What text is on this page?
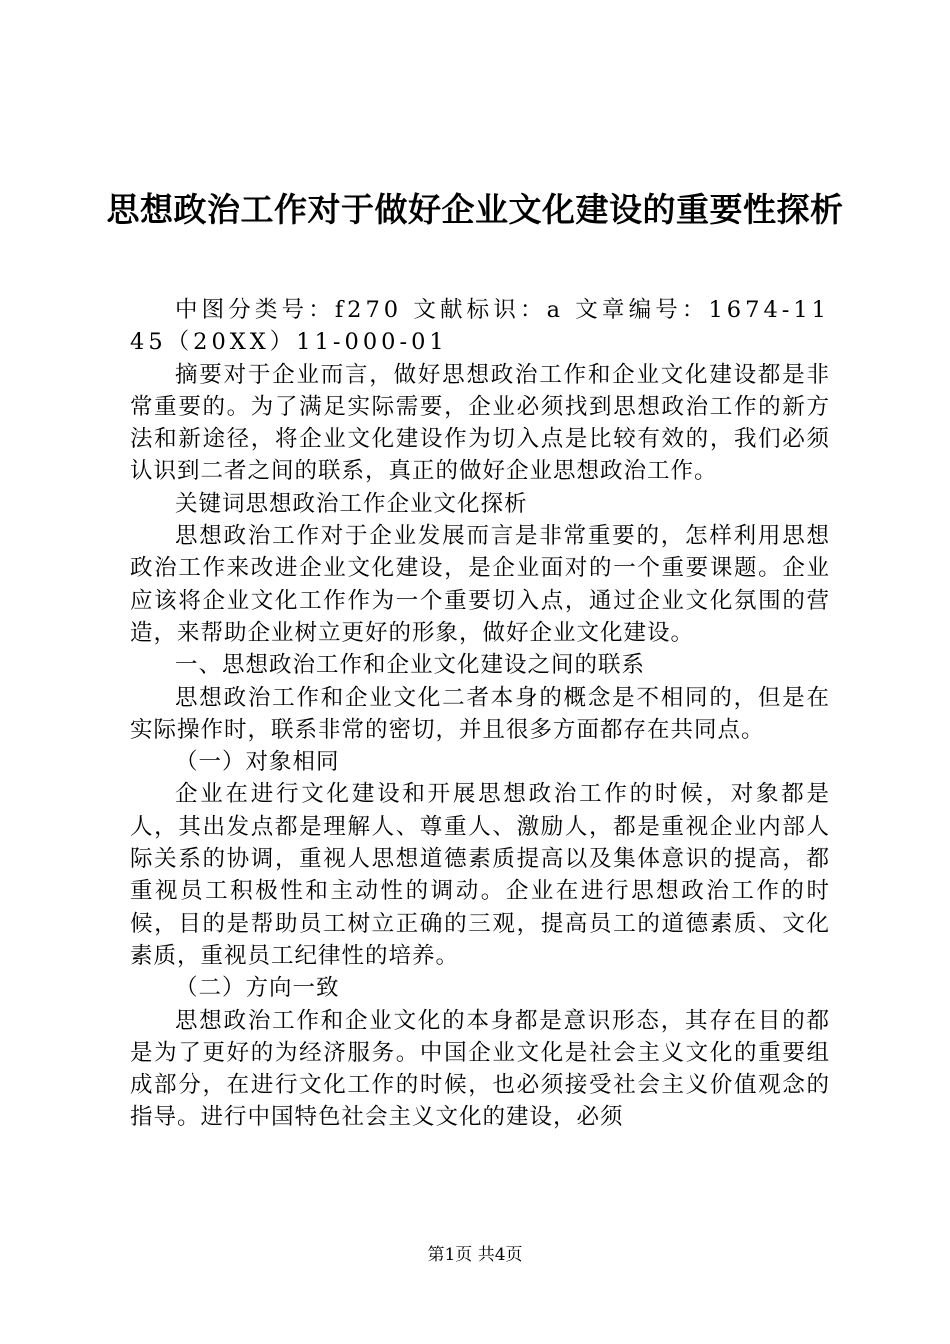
思想政治工作对于做好企业文化建设的重要性探析

中图分类号：f270 文献标识：a 文章编号：1674-1145（20XX）11-000-01

摘要对于企业而言，做好思想政治工作和企业文化建设都是非常重要的。为了满足实际需要，企业必须找到思想政治工作的新方法和新途径，将企业文化建设作为切入点是比较有效的，我们必须认识到二者之间的联系，真正的做好企业思想政治工作。

关键词思想政治工作企业文化探析

思想政治工作对于企业发展而言是非常重要的，怎样利用思想政治工作来改进企业文化建设，是企业面对的一个重要课题。企业应该将企业文化工作作为一个重要切入点，通过企业文化氛围的营造，来帮助企业树立更好的形象，做好企业文化建设。

一、思想政治工作和企业文化建设之间的联系

思想政治工作和企业文化二者本身的概念是不相同的，但是在实际操作时，联系非常的密切，并且很多方面都存在共同点。

（一）对象相同

企业在进行文化建设和开展思想政治工作的时候，对象都是人，其出发点都是理解人、尊重人、激励人，都是重视企业内部人际关系的协调，重视人思想道德素质提高以及集体意识的提高，都重视员工积极性和主动性的调动。企业在进行思想政治工作的时候，目的是帮助员工树立正确的三观，提高员工的道德素质、文化素质，重视员工纪律性的培养。

（二）方向一致

思想政治工作和企业文化的本身都是意识形态，其存在目的都是为了更好的为经济服务。中国企业文化是社会主义文化的重要组成部分，在进行文化工作的时候，也必须接受社会主义价值观念的指导。进行中国特色社会主义文化的建设，必须

第1页 共4页
